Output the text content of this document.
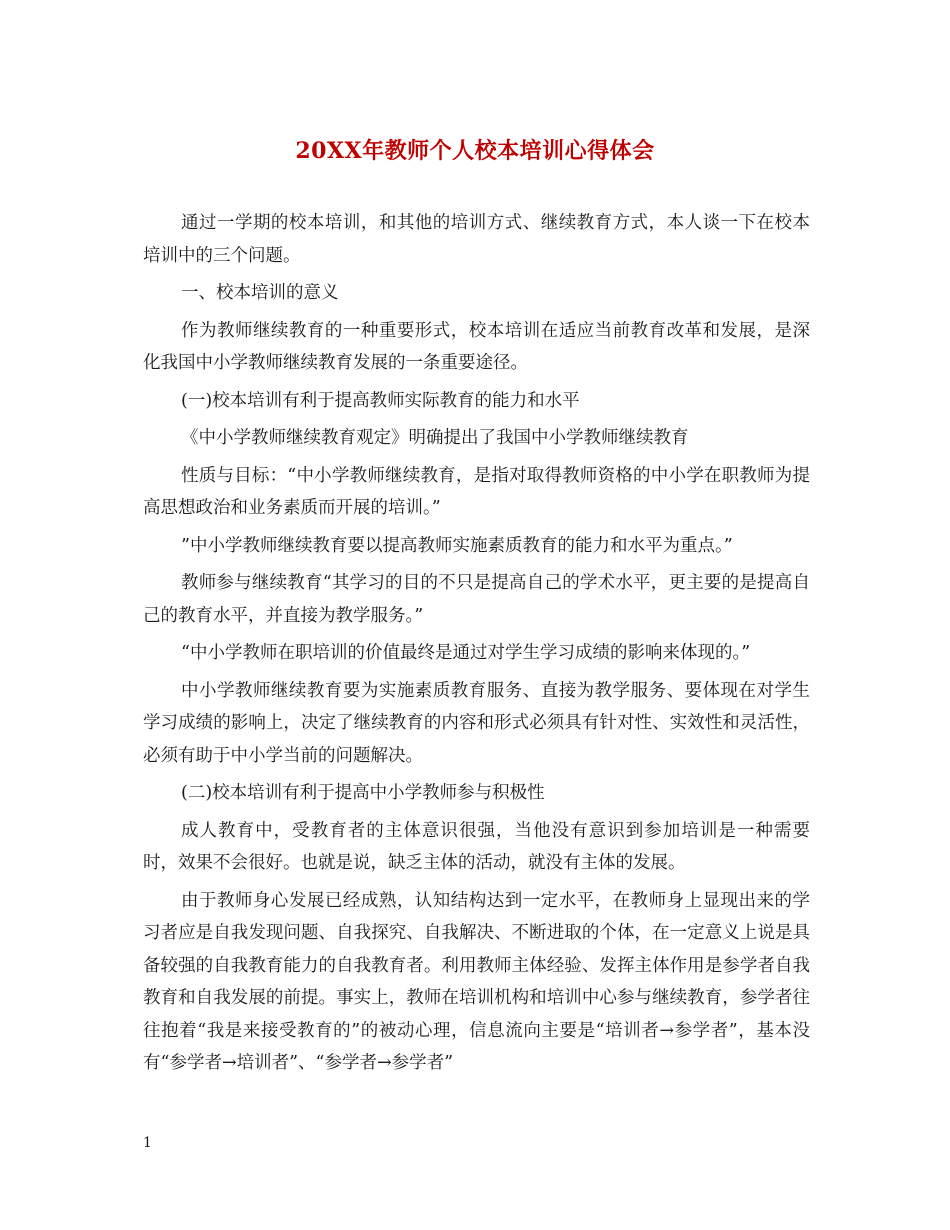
20XX年教师个人校本培训心得体会

通过一学期的校本培训，和其他的培训方式、继续教育方式，本人谈一下在校本培训中的三个问题。

一、校本培训的意义

作为教师继续教育的一种重要形式，校本培训在适应当前教育改革和发展，是深化我国中小学教师继续教育发展的一条重要途径。

(一)校本培训有利于提高教师实际教育的能力和水平

《中小学教师继续教育观定》明确提出了我国中小学教师继续教育

性质与目标：“中小学教师继续教育，是指对取得教师资格的中小学在职教师为提高思想政治和业务素质而开展的培训。”

”中小学教师继续教育要以提高教师实施素质教育的能力和水平为重点。”

教师参与继续教育“其学习的目的不只是提高自己的学术水平，更主要的是提高自己的教育水平，并直接为教学服务。”

“中小学教师在职培训的价值最终是通过对学生学习成绩的影响来体现的。”

中小学教师继续教育要为实施素质教育服务、直接为教学服务、要体现在对学生学习成绩的影响上，决定了继续教育的内容和形式必须具有针对性、实效性和灵活性，必须有助于中小学当前的问题解决。

(二)校本培训有利于提高中小学教师参与积极性

成人教育中，受教育者的主体意识很强，当他没有意识到参加培训是一种需要时，效果不会很好。也就是说，缺乏主体的活动，就没有主体的发展。

由于教师身心发展已经成熟，认知结构达到一定水平，在教师身上显现出来的学习者应是自我发现问题、自我探究、自我解决、不断进取的个体，在一定意义上说是具备较强的自我教育能力的自我教育者。利用教师主体经验、发挥主体作用是参学者自我教育和自我发展的前提。事实上，教师在培训机构和培训中心参与继续教育，参学者往往抱着“我是来接受教育的”的被动心理，信息流向主要是“培训者→参学者”，基本没有“参学者→培训者”、“参学者→参学者”

1
